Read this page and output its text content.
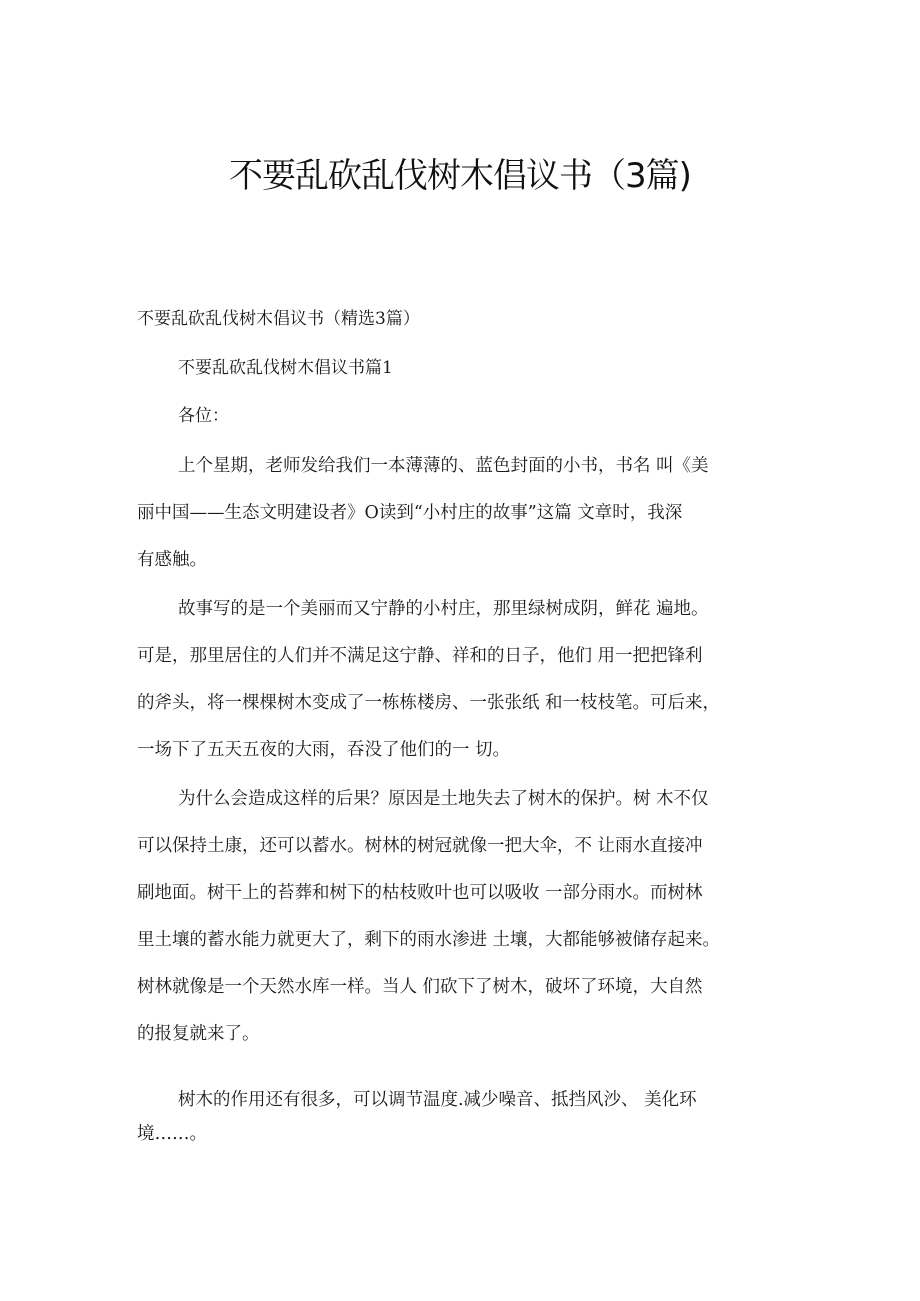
不要乱砍乱伐树木倡议书（3篇)
不要乱砍乱伐树木倡议书（精选3篇）
不要乱砍乱伐树木倡议书篇1
各位：

上个星期，老师发给我们一本薄薄的、蓝色封面的小书，书名 叫《美
丽中国——生态文明建设者》O读到“小村庄的故事”这篇 文章时，我深
有感触。

故事写的是一个美丽而又宁静的小村庄，那里绿树成阴，鲜花 遍地。
可是，那里居住的人们并不满足这宁静、祥和的日子，他们 用一把把锋利
的斧头，将一棵棵树木变成了一栋栋楼房、一张张纸 和一枝枝笔。可后来，
一场下了五天五夜的大雨，吞没了他们的一 切。

为什么会造成这样的后果？原因是土地失去了树木的保护。树 木不仅
可以保持土康，还可以蓄水。树林的树冠就像一把大伞，不 让雨水直接冲
刷地面。树干上的苔葬和树下的枯枝败叶也可以吸收 一部分雨水。而树林
里土壤的蓄水能力就更大了，剩下的雨水渗进 土壤，大都能够被储存起来。
树林就像是一个天然水库一样。当人 们砍下了树木，破坏了环境，大自然
的报复就来了。

树木的作用还有很多，可以调节温度.减少噪音、抵挡风沙、 美化环
境……。
